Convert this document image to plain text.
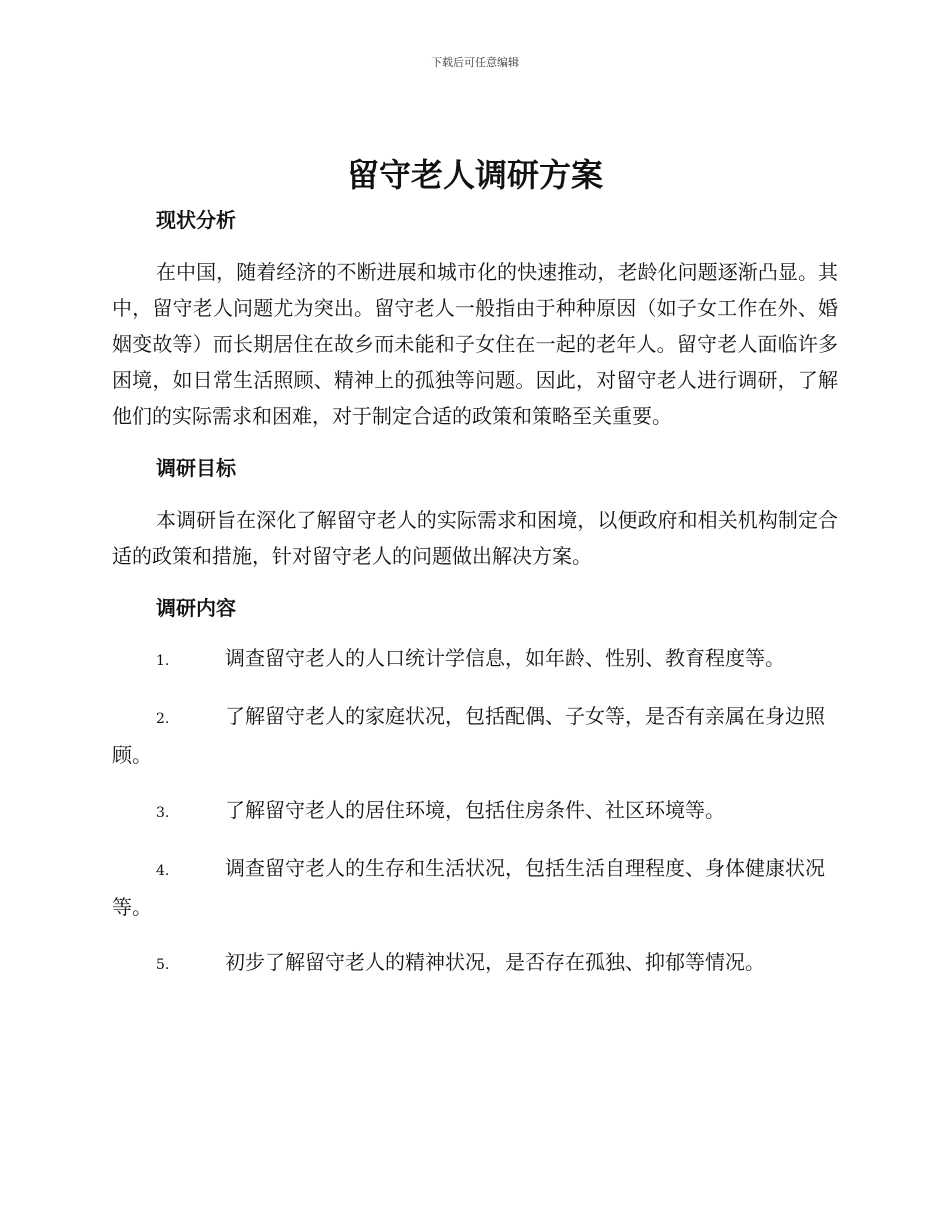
下载后可任意编辑
留守老人调研方案
现状分析

在中国，随着经济的不断进展和城市化的快速推动，老龄化问题逐渐凸显。其中，留守老人问题尤为突出。留守老人一般指由于种种原因（如子女工作在外、婚姻变故等）而长期居住在故乡而未能和子女住在一起的老年人。留守老人面临许多困境，如日常生活照顾、精神上的孤独等问题。因此，对留守老人进行调研，了解他们的实际需求和困难，对于制定合适的政策和策略至关重要。

调研目标

本调研旨在深化了解留守老人的实际需求和困境，以便政府和相关机构制定合适的政策和措施，针对留守老人的问题做出解决方案。

调研内容

1.	调查留守老人的人口统计学信息，如年龄、性别、教育程度等。

2.	了解留守老人的家庭状况，包括配偶、子女等，是否有亲属在身边照顾。

3.	了解留守老人的居住环境，包括住房条件、社区环境等。

4.	调查留守老人的生存和生活状况，包括生活自理程度、身体健康状况等。

5.	初步了解留守老人的精神状况，是否存在孤独、抑郁等情况。
